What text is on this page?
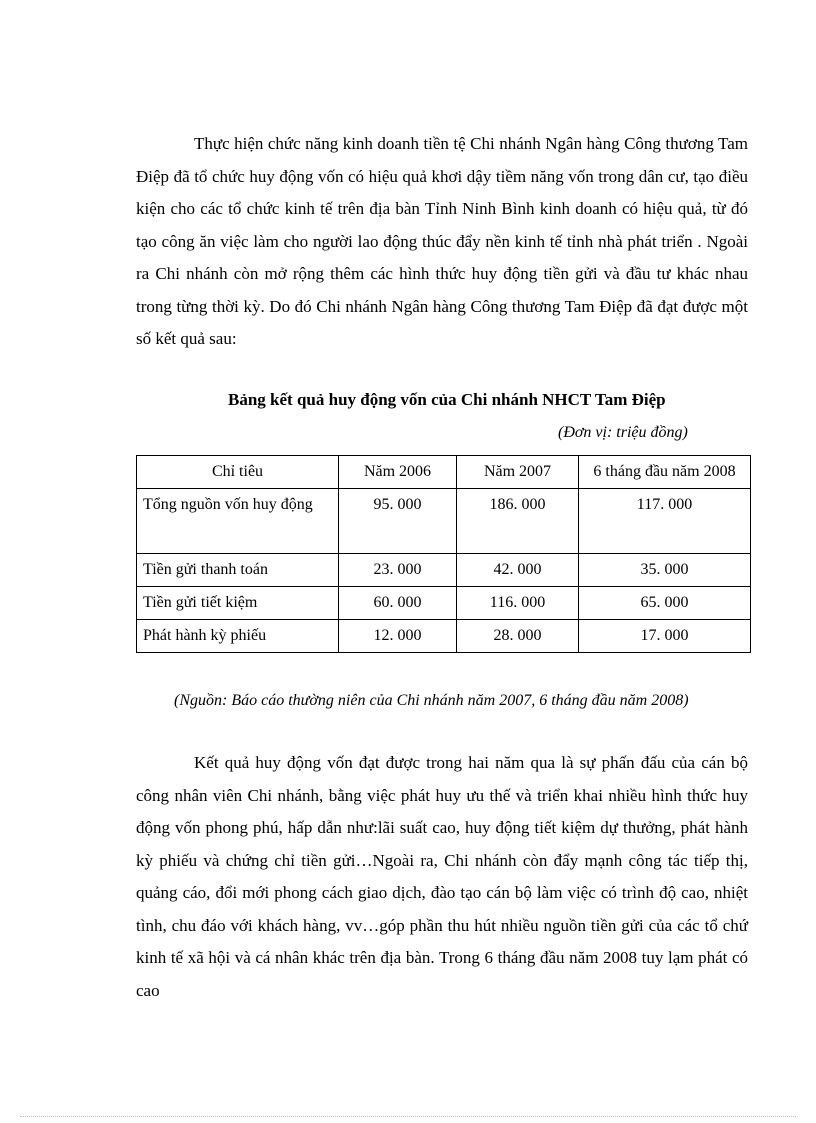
Thực hiện chức năng kinh doanh tiền tệ Chi nhánh Ngân hàng Công thương Tam Điệp đã tổ chức huy động vốn có hiệu quả khơi dậy tiềm năng vốn trong dân cư, tạo điều kiện cho các tổ chức kinh tế trên địa bàn Tỉnh Ninh Bình kinh doanh có hiệu quả, từ đó tạo công ăn việc làm cho người lao động thúc đẩy nền kinh tế tỉnh nhà phát triển . Ngoài ra Chi nhánh còn mở rộng thêm các hình thức huy động tiền gửi và đầu tư khác nhau trong từng thời kỳ. Do đó Chi nhánh Ngân hàng Công thương Tam Điệp đã đạt được một số kết quả sau:

Bảng kết quả huy động vốn của Chi nhánh NHCT Tam Điệp

(Đơn vị: triệu đồng)

Chỉ tiêu	Năm 2006	Năm 2007	6 tháng đầu năm 2008
Tổng nguồn vốn huy động	95. 000	186. 000	117. 000
Tiền gửi thanh toán	23. 000	42. 000	35. 000
Tiền gửi tiết kiệm	60. 000	116. 000	65. 000
Phát hành kỳ phiếu	12. 000	28. 000	17. 000

(Nguồn: Báo cáo thường niên của Chi nhánh năm 2007, 6 tháng đầu năm 2008)

Kết quả huy động vốn đạt được trong hai năm qua là sự phấn đấu của cán bộ công nhân viên Chi nhánh, bằng việc phát huy ưu thế và triển khai nhiều hình thức huy động vốn phong phú, hấp dẫn như:lãi suất cao, huy động tiết kiệm dự thưởng, phát hành kỳ phiếu và chứng chỉ tiền gửi…Ngoài ra, Chi nhánh còn đẩy mạnh công tác tiếp thị, quảng cáo, đổi mới phong cách giao dịch, đào tạo cán bộ làm việc có trình độ cao, nhiệt tình, chu đáo với khách hàng, vv…góp phần thu hút nhiều nguồn tiền gửi của các tổ chứ kinh tế xã hội và cá nhân khác trên địa bàn. Trong 6 tháng đầu năm 2008 tuy lạm phát có cao
